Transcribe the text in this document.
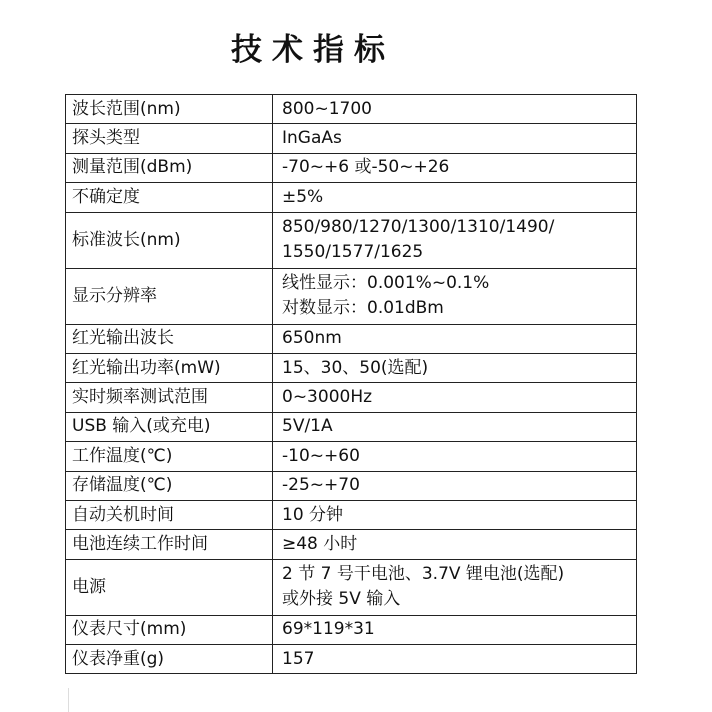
技术指标
波长范围(nm)	800~1700

探头类型	InGaAs

测量范围(dBm)	-70~+6 或-50~+26

不确定度	±5%

标准波长(nm)	850/980/1270/1300/1310/1490/
1550/1577/1625

显示分辨率	线性显示：0.001%~0.1%
对数显示：0.01dBm

红光输出波长	650nm

红光输出功率(mW)	15、30、50(选配)

实时频率测试范围	0~3000Hz

USB 输入(或充电)	5V/1A

工作温度(℃)	-10~+60

存储温度(℃)	-25~+70

自动关机时间	10 分钟

电池连续工作时间	≥48 小时

电源	2 节 7 号干电池、3.7V 锂电池(选配)
或外接 5V 输入

仪表尺寸(mm)	69*119*31

仪表净重(g)	157
